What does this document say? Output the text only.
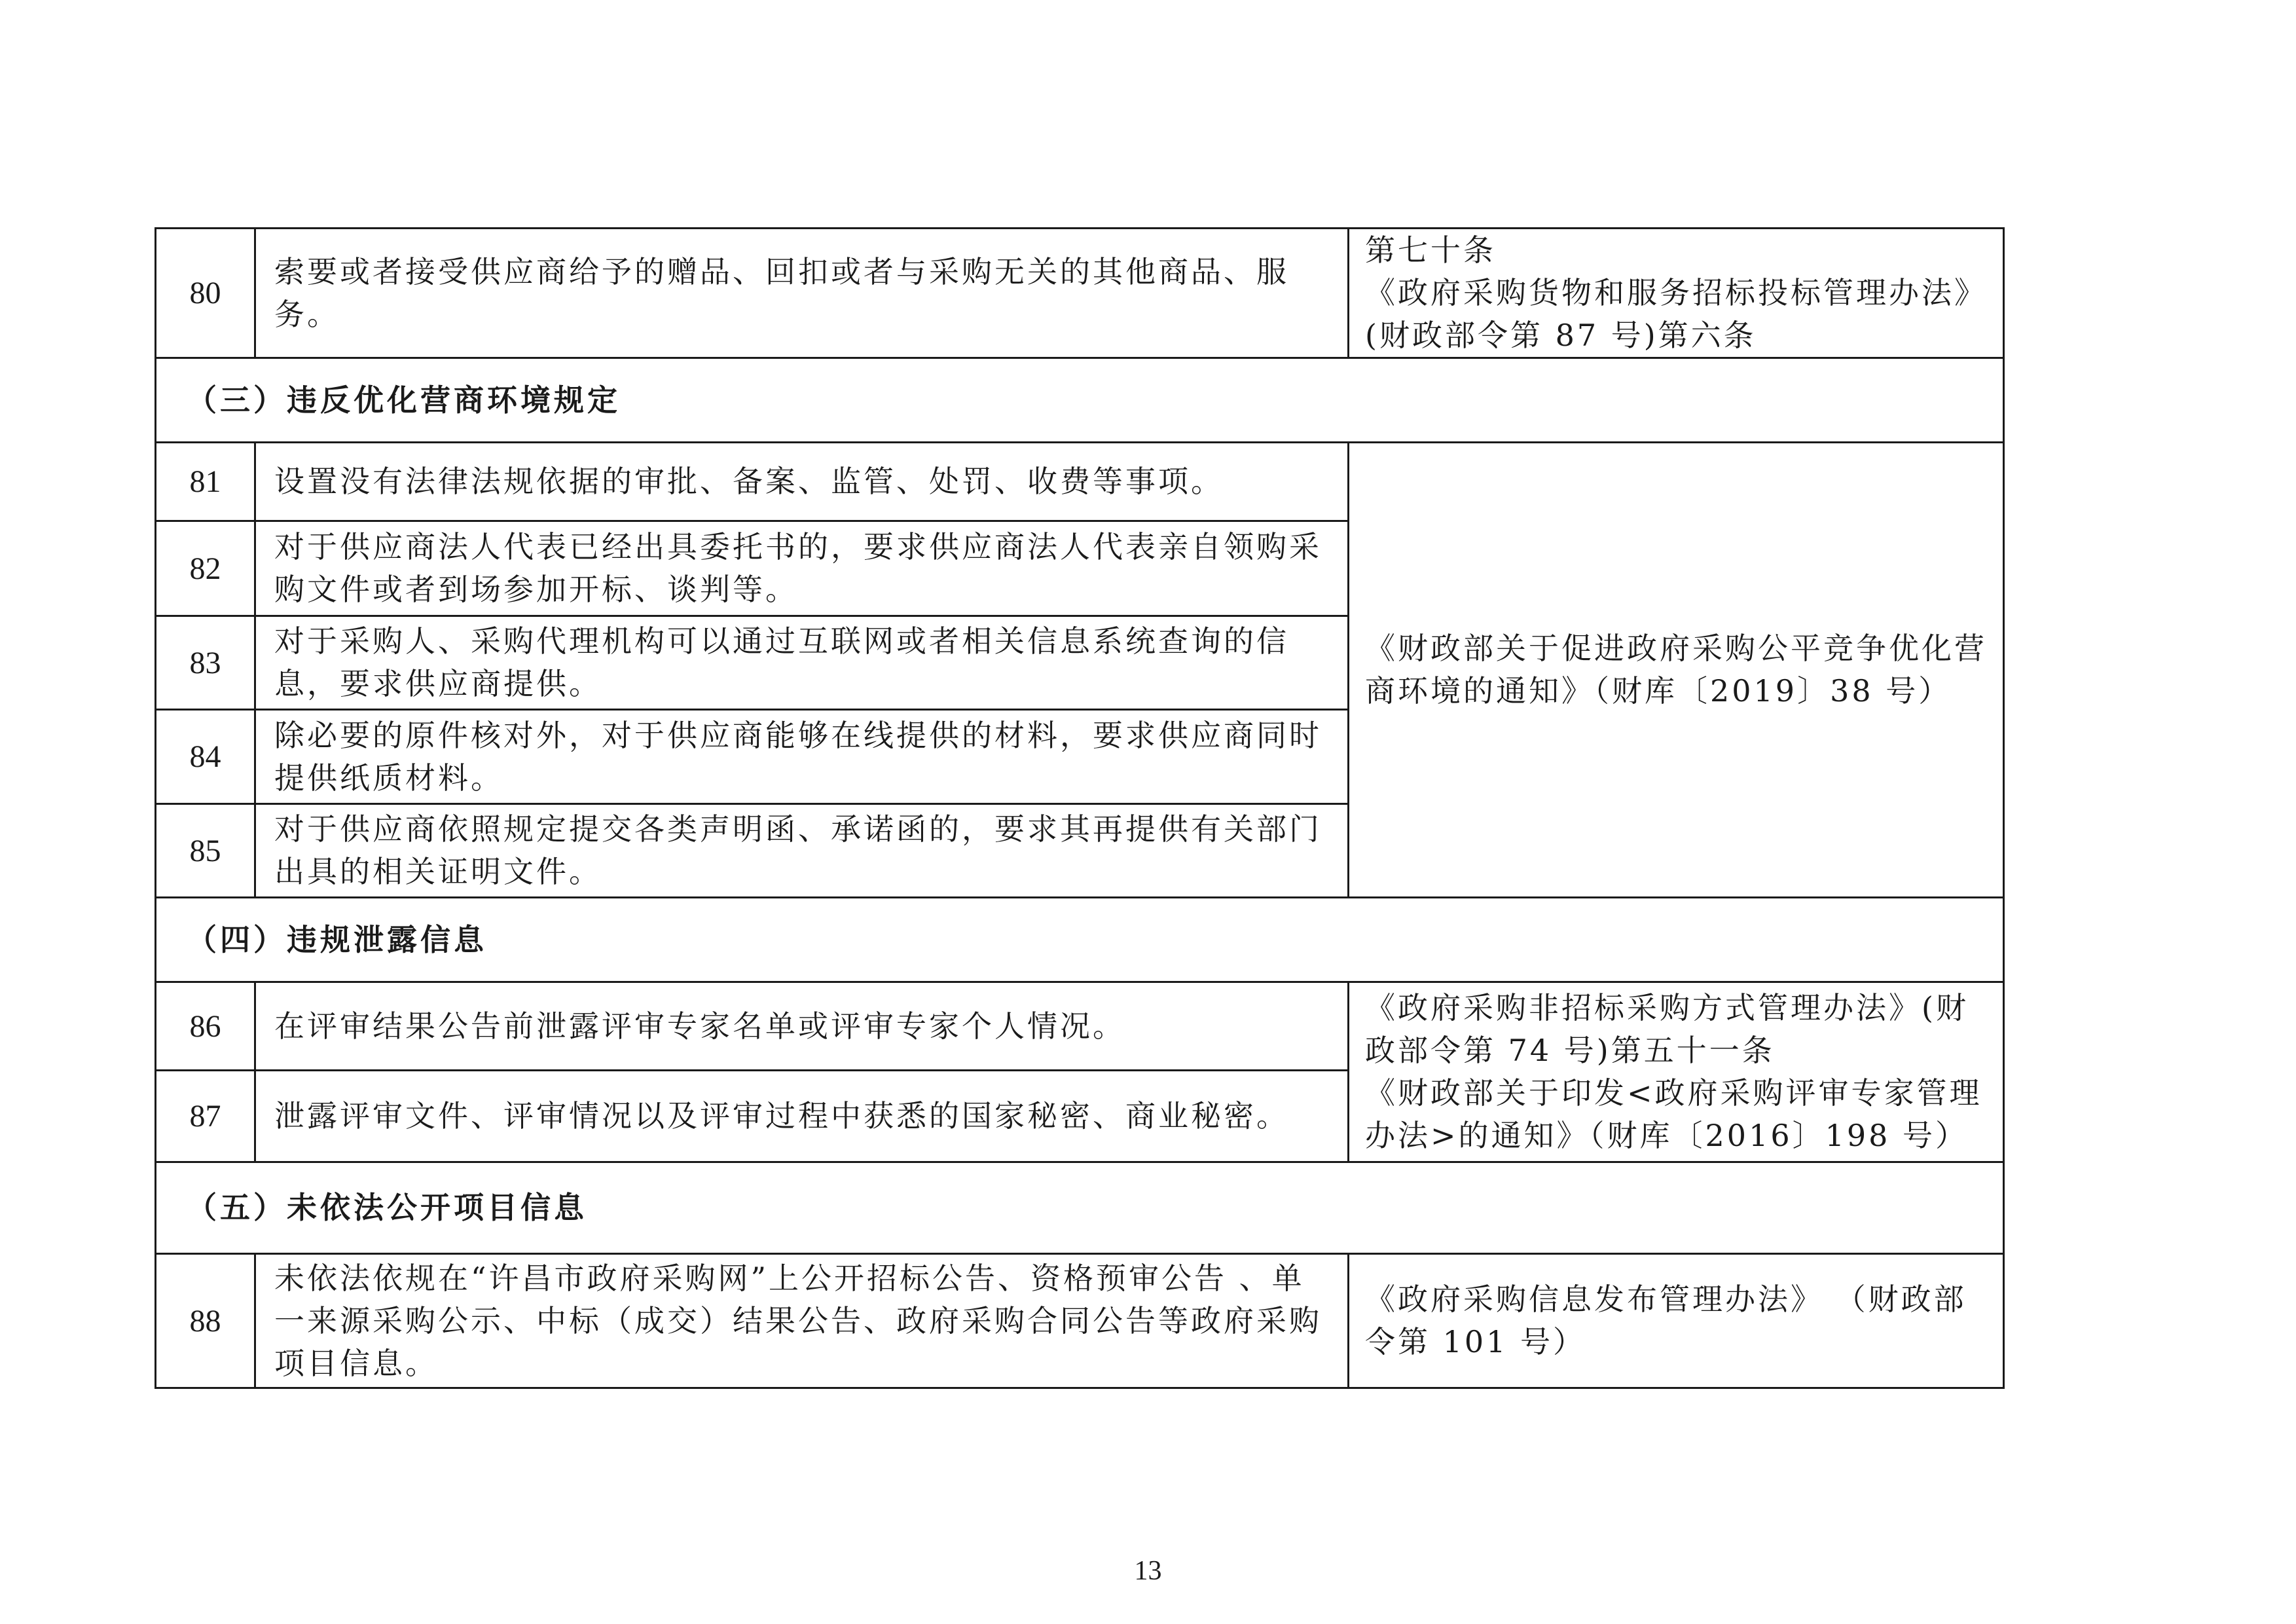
80	索要或者接受供应商给予的赠品、回扣或者与采购无关的其他商品、服务。	第七十条
《政府采购货物和服务招标投标管理办法》
(财政部令第 87 号)第六条

（三）违反优化营商环境规定		
81	设置没有法律法规依据的审批、备案、监管、处罚、收费等事项。	《财政部关于促进政府采购公平竞争优化营商环境的通知》（财库〔2019〕38 号）
82	对于供应商法人代表已经出具委托书的，要求供应商法人代表亲自领购采购文件或者到场参加开标、谈判等。	
83	对于采购人、采购代理机构可以通过互联网或者相关信息系统查询的信息，要求供应商提供。	
84	除必要的原件核对外，对于供应商能够在线提供的材料，要求供应商同时提供纸质材料。	
85	对于供应商依照规定提交各类声明函、承诺函的，要求其再提供有关部门出具的相关证明文件。	
（四）违规泄露信息		
86	在评审结果公告前泄露评审专家名单或评审专家个人情况。	《政府采购非招标采购方式管理办法》(财政部令第 74 号)第五十一条
《财政部关于印发<政府采购评审专家管理办法>的通知》（财库〔2016〕198 号）

87	泄露评审文件、评审情况以及评审过程中获悉的国家秘密、商业秘密。	
（五）未依法公开项目信息		
88	未依法依规在“许昌市政府采购网”上公开招标公告、资格预审公告 、单一来源采购公示、中标（成交）结果公告、政府采购合同公告等政府采购项目信息。	《政府采购信息发布管理办法》 （财政部令第 101 号）
13
